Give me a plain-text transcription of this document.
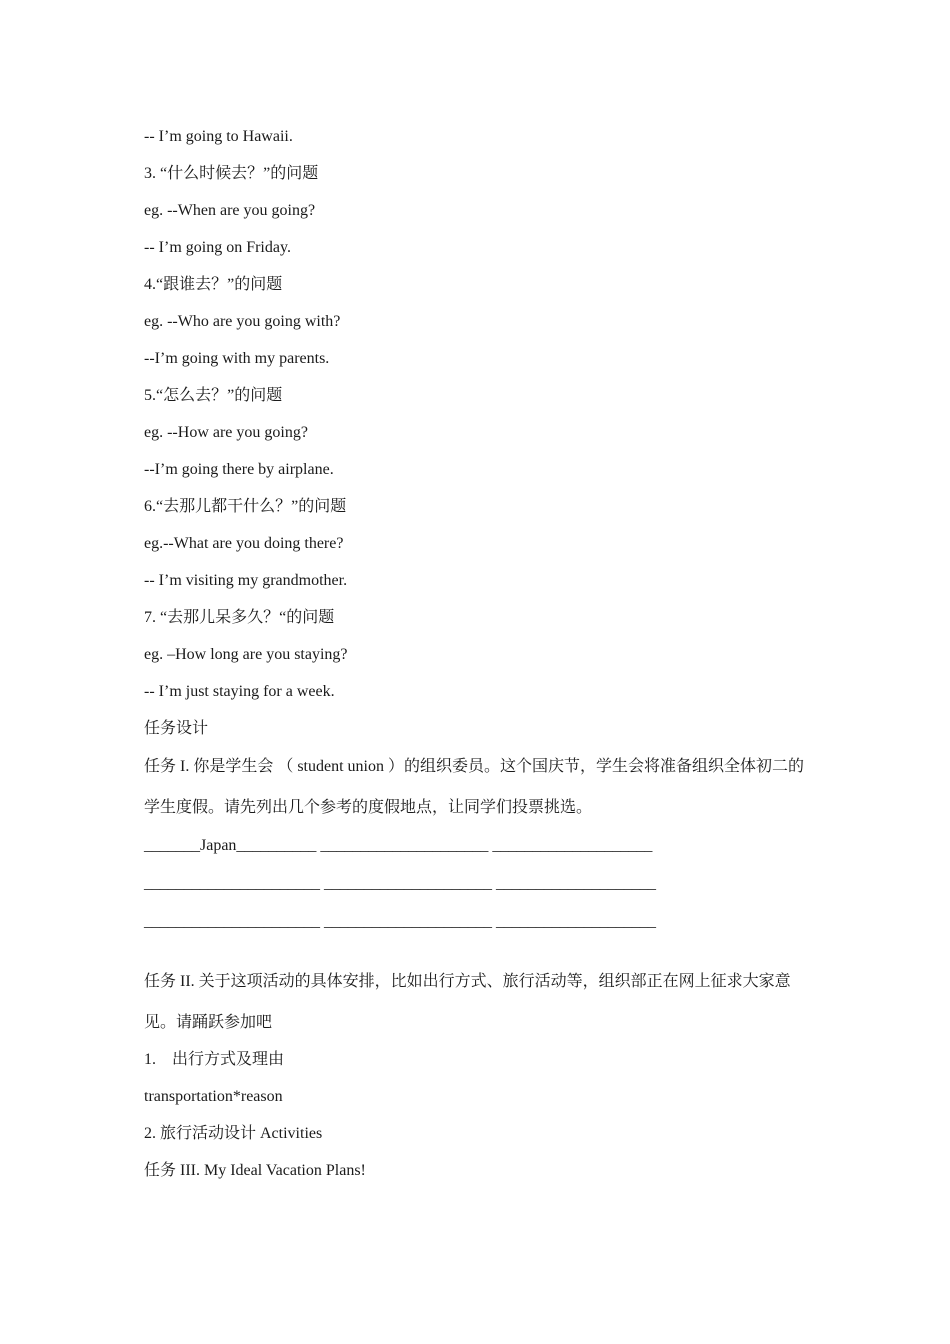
-- I’m going to Hawaii.
3. “什么时候去？”的问题
eg. --When are you going?
-- I’m going on Friday.
4.“跟谁去？”的问题
eg. --Who are you going with?
--I’m going with my parents.
5.“怎么去？”的问题
eg. --How are you going?
--I’m going there by airplane.
6.“去那儿都干什么？”的问题
eg.--What are you doing there?
-- I’m visiting my grandmother.
7. “去那儿呆多久？“的问题
eg. –How long are you staying?
-- I’m just staying for a week.
任务设计
任务 I. 你是学生会 （ student union ）的组织委员。这个国庆节，学生会将准备组织全体初二的学生度假。请先列出几个参考的度假地点，让同学们投票挑选。
_______Japan__________ _____________________ ____________________
______________________ _____________________ ____________________
______________________ _____________________ ____________________
任务 II. 关于这项活动的具体安排，比如出行方式、旅行活动等，组织部正在网上征求大家意见。请踊跃参加吧
1.　出行方式及理由
transportation*reason
2. 旅行活动设计 Activities
任务 III. My Ideal Vacation Plans!
